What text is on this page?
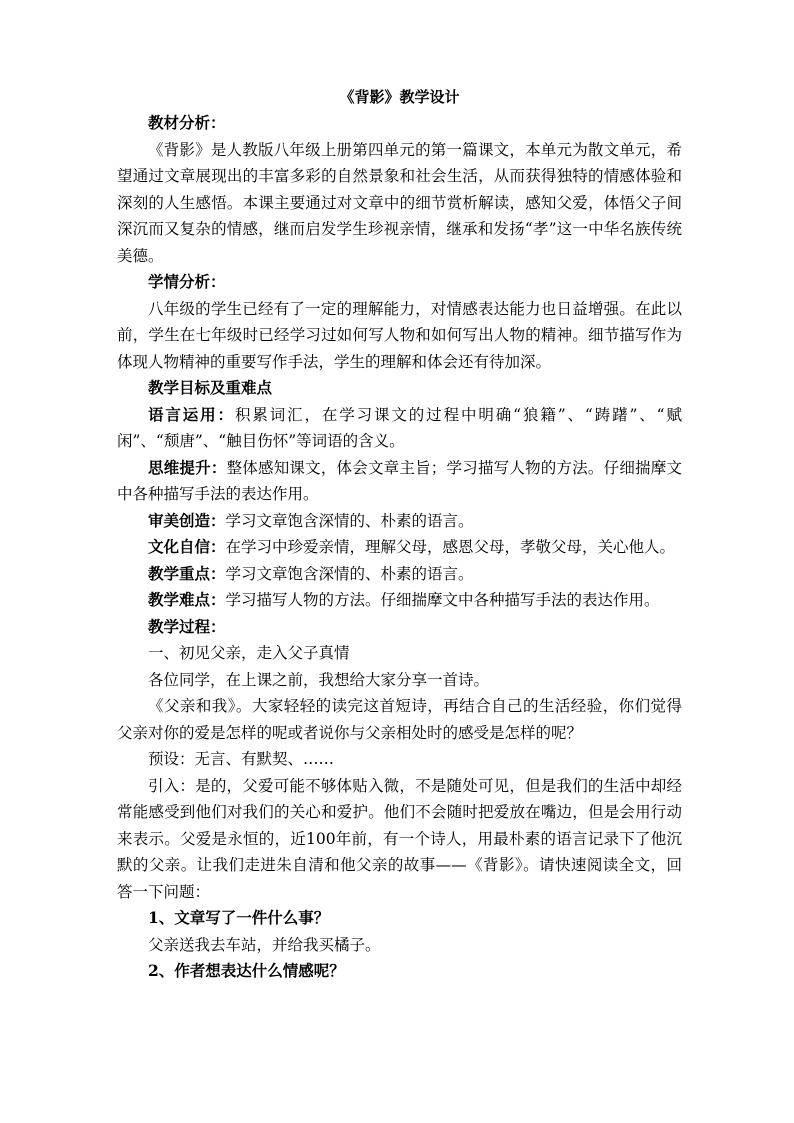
《背影》教学设计

教材分析：

《背影》是人教版八年级上册第四单元的第一篇课文，本单元为散文单元，希望通过文章展现出的丰富多彩的自然景象和社会生活，从而获得独特的情感体验和深刻的人生感悟。本课主要通过对文章中的细节赏析解读，感知父爱，体悟父子间深沉而又复杂的情感，继而启发学生珍视亲情，继承和发扬“孝”这一中华名族传统美德。

学情分析：

八年级的学生已经有了一定的理解能力，对情感表达能力也日益增强。在此以前，学生在七年级时已经学习过如何写人物和如何写出人物的精神。细节描写作为体现人物精神的重要写作手法，学生的理解和体会还有待加深。

教学目标及重难点

语言运用：积累词汇，在学习课文的过程中明确“狼籍”、“踌躇”、“赋闲”、“颓唐”、“触目伤怀”等词语的含义。

思维提升：整体感知课文，体会文章主旨；学习描写人物的方法。仔细揣摩文中各种描写手法的表达作用。

审美创造：学习文章饱含深情的、朴素的语言。

文化自信：在学习中珍爱亲情，理解父母，感恩父母，孝敬父母，关心他人。

教学重点：学习文章饱含深情的、朴素的语言。

教学难点：学习描写人物的方法。仔细揣摩文中各种描写手法的表达作用。

教学过程：

一、初见父亲，走入父子真情

各位同学，在上课之前，我想给大家分享一首诗。

《父亲和我》。大家轻轻的读完这首短诗，再结合自己的生活经验，你们觉得父亲对你的爱是怎样的呢或者说你与父亲相处时的感受是怎样的呢？

预设：无言、有默契、……

引入：是的，父爱可能不够体贴入微，不是随处可见，但是我们的生活中却经常能感受到他们对我们的关心和爱护。他们不会随时把爱放在嘴边，但是会用行动来表示。父爱是永恒的，近100年前，有一个诗人，用最朴素的语言记录下了他沉默的父亲。让我们走进朱自清和他父亲的故事——《背影》。请快速阅读全文，回答一下问题：

1、文章写了一件什么事？

父亲送我去车站，并给我买橘子。

2、作者想表达什么情感呢？
